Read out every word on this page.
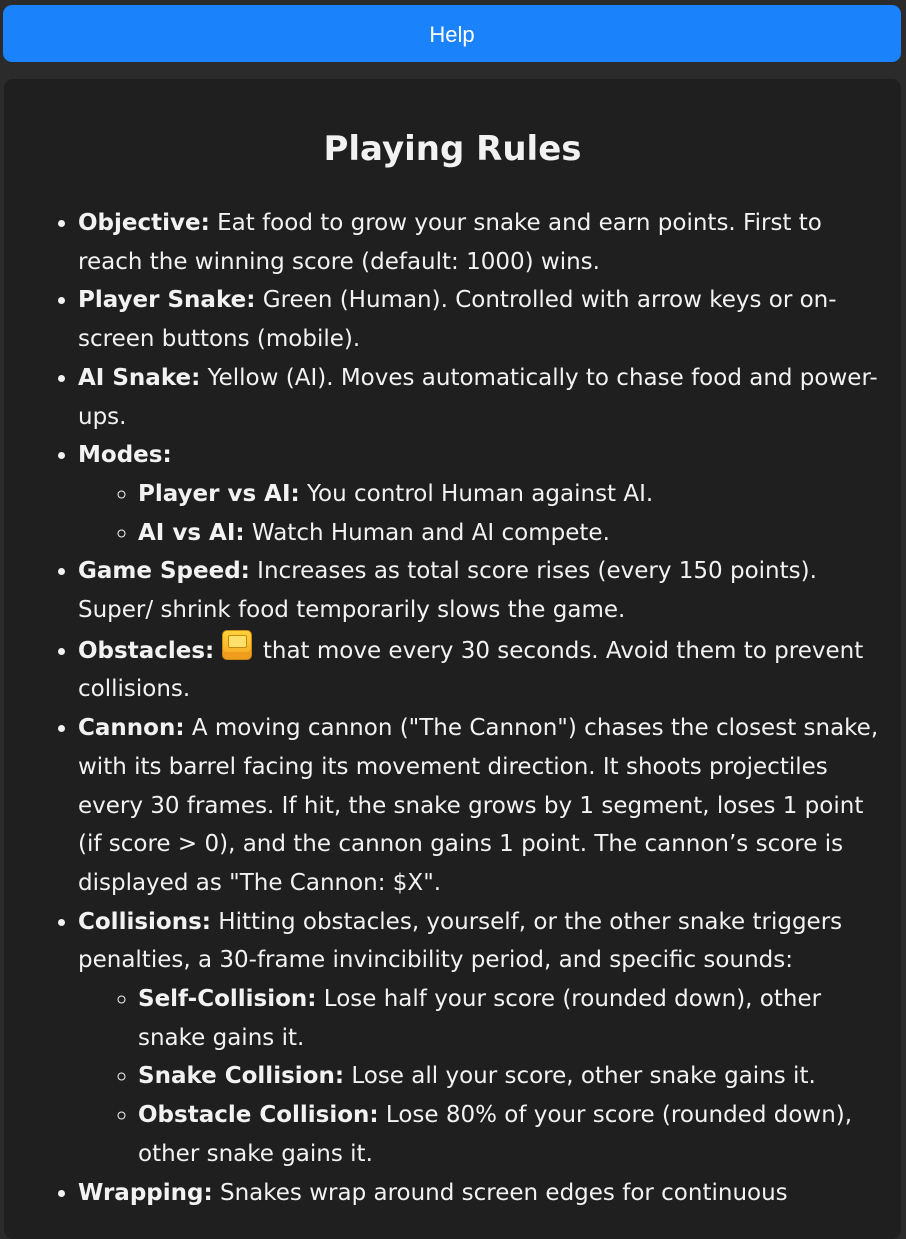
Help
Playing Rules
• Objective: Eat food to grow your snake and earn points. First to reach the winning score (default: 1000) wins.
• Player Snake: Green (Human). Controlled with arrow keys or on-screen buttons (mobile).
• AI Snake: Yellow (AI). Moves automatically to chase food and power-ups.
• Modes:
◦ Player vs AI: You control Human against AI.
◦ AI vs AI: Watch Human and AI compete.
• Game Speed: Increases as total score rises (every 150 points). Super/ shrink food temporarily slows the game.
• Obstacles:  that move every 30 seconds. Avoid them to prevent collisions.
• Cannon: A moving cannon ("The Cannon") chases the closest snake, with its barrel facing its movement direction. It shoots projectiles every 30 frames. If hit, the snake grows by 1 segment, loses 1 point (if score > 0), and the cannon gains 1 point. The cannon’s score is displayed as "The Cannon: $X".
• Collisions: Hitting obstacles, yourself, or the other snake triggers penalties, a 30-frame invincibility period, and specific sounds:
◦ Self-Collision: Lose half your score (rounded down), other snake gains it.
◦ Snake Collision: Lose all your score, other snake gains it.
◦ Obstacle Collision: Lose 80% of your score (rounded down), other snake gains it.
• Wrapping: Snakes wrap around screen edges for continuous
